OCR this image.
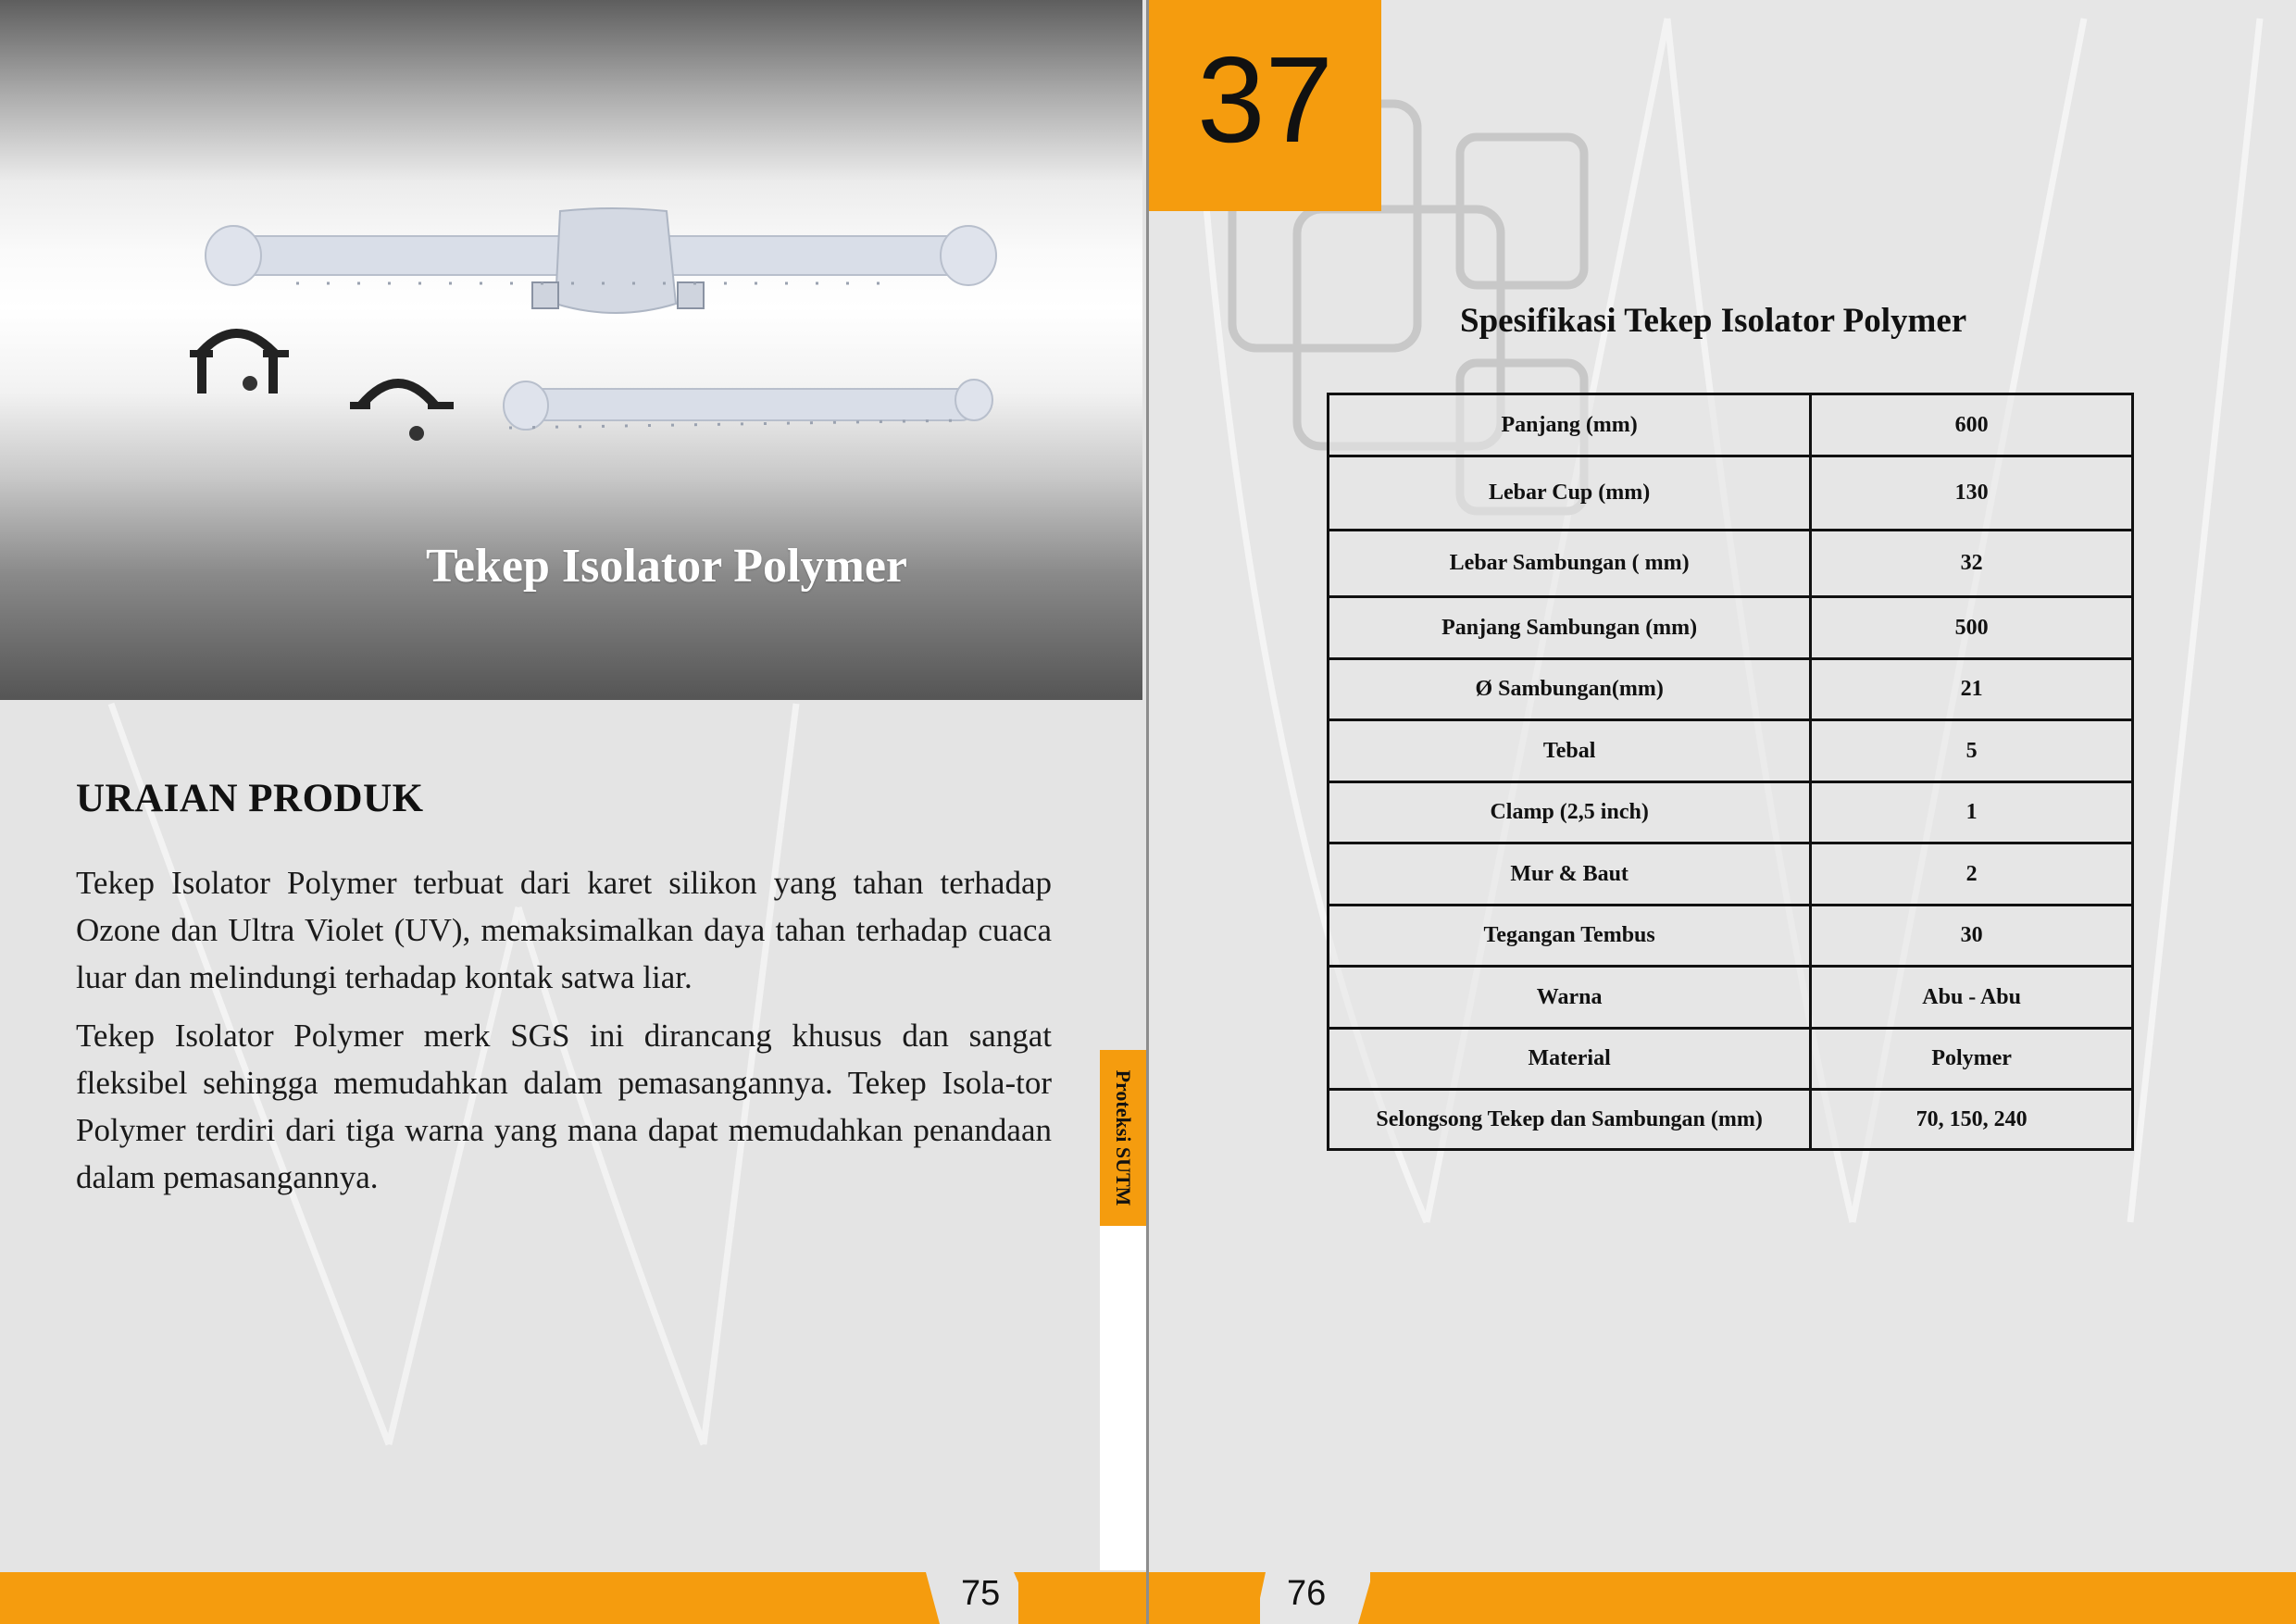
Tekep Isolator Polymer
URAIAN PRODUK

Tekep Isolator Polymer terbuat dari karet silikon yang tahan terhadap Ozone dan Ultra Violet (UV), memaksimalkan daya tahan terhadap cuaca luar dan melindungi terhadap kontak satwa liar.

Tekep Isolator Polymer merk SGS ini dirancang khusus dan sangat fleksibel sehingga memudahkan dalam pemasangannya. Tekep Isola-tor Polymer terdiri dari tiga warna yang mana dapat memudahkan penandaan dalam pemasangannya.	Proteksi SUTM
37
Spesifikasi Tekep Isolator Polymer
Panjang (mm)	600
Lebar Cup (mm)	130
Lebar Sambungan ( mm)	32
Panjang Sambungan (mm)	500
Ø Sambungan(mm)	21
Tebal	5
Clamp (2,5 inch)	1
Mur & Baut	2
Tegangan Tembus	30
Warna	Abu - Abu
Material	Polymer
Selongsong Tekep dan Sambungan (mm)	70, 150, 240
75	76
